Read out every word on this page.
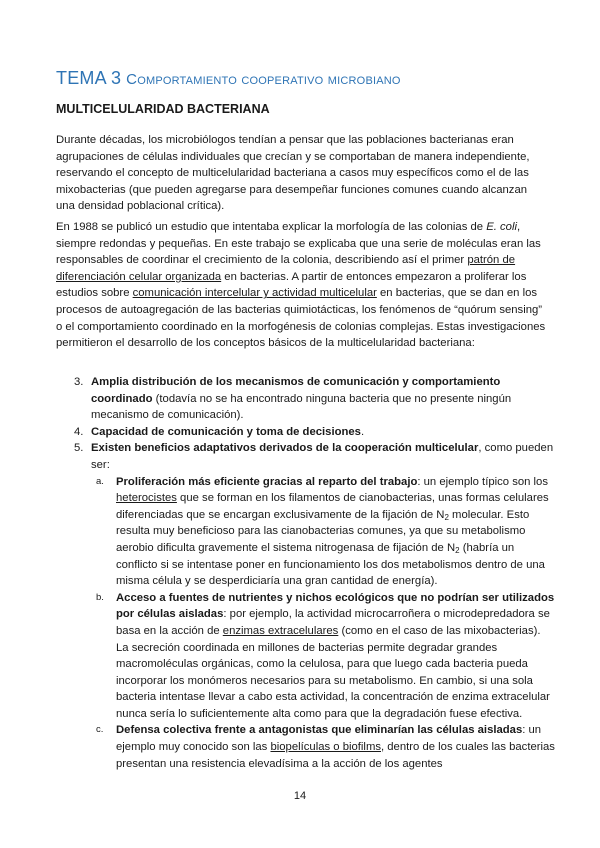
TEMA 3 Comportamiento cooperativo microbiano
MULTICELULARIDAD BACTERIANA
Durante décadas, los microbiólogos tendían a pensar que las poblaciones bacterianas eran agrupaciones de células individuales que crecían y se comportaban de manera independiente, reservando el concepto de multicelularidad bacteriana a casos muy específicos como el de las mixobacterias (que pueden agregarse para desempeñar funciones comunes cuando alcanzan una densidad poblacional crítica).
En 1988 se publicó un estudio que intentaba explicar la morfología de las colonias de E. coli, siempre redondas y pequeñas. En este trabajo se explicaba que una serie de moléculas eran las responsables de coordinar el crecimiento de la colonia, describiendo así el primer patrón de diferenciación celular organizada en bacterias. A partir de entonces empezaron a proliferar los estudios sobre comunicación intercelular y actividad multicelular en bacterias, que se dan en los procesos de autoagregación de las bacterias quimiotácticas, los fenómenos de “quórum sensing” o el comportamiento coordinado en la morfogénesis de colonias complejas. Estas investigaciones permitieron el desarrollo de los conceptos básicos de la multicelularidad bacteriana:
3. Amplia distribución de los mecanismos de comunicación y comportamiento coordinado (todavía no se ha encontrado ninguna bacteria que no presente ningún mecanismo de comunicación).
4. Capacidad de comunicación y toma de decisiones.
5. Existen beneficios adaptativos derivados de la cooperación multicelular, como pueden ser:
a. Proliferación más eficiente gracias al reparto del trabajo: un ejemplo típico son los heterocistes que se forman en los filamentos de cianobacterias, unas formas celulares diferenciadas que se encargan exclusivamente de la fijación de $N_2$ molecular. Esto resulta muy beneficioso para las cianobacterias comunes, ya que su metabolismo aerobio dificulta gravemente el sistema nitrogenasa de fijación de $N_2$ (habría un conflicto si se intentase poner en funcionamiento los dos metabolismos dentro de una misma célula y se desperdiciaría una gran cantidad de energía).
b. Acceso a fuentes de nutrientes y nichos ecológicos que no podrían ser utilizados por células aisladas: por ejemplo, la actividad microcarroñera o microdepredadora se basa en la acción de enzimas extracelulares (como en el caso de las mixobacterias). La secreción coordinada en millones de bacterias permite degradar grandes macromoléculas orgánicas, como la celulosa, para que luego cada bacteria pueda incorporar los monómeros necesarios para su metabolismo. En cambio, si una sola bacteria intentase llevar a cabo esta actividad, la concentración de enzima extracelular nunca sería lo suficientemente alta como para que la degradación fuese efectiva.
c. Defensa colectiva frente a antagonistas que eliminarían las células aisladas: un ejemplo muy conocido son las biopelículas o biofilms, dentro de los cuales las bacterias presentan una resistencia elevadísima a la acción de los agentes
14
